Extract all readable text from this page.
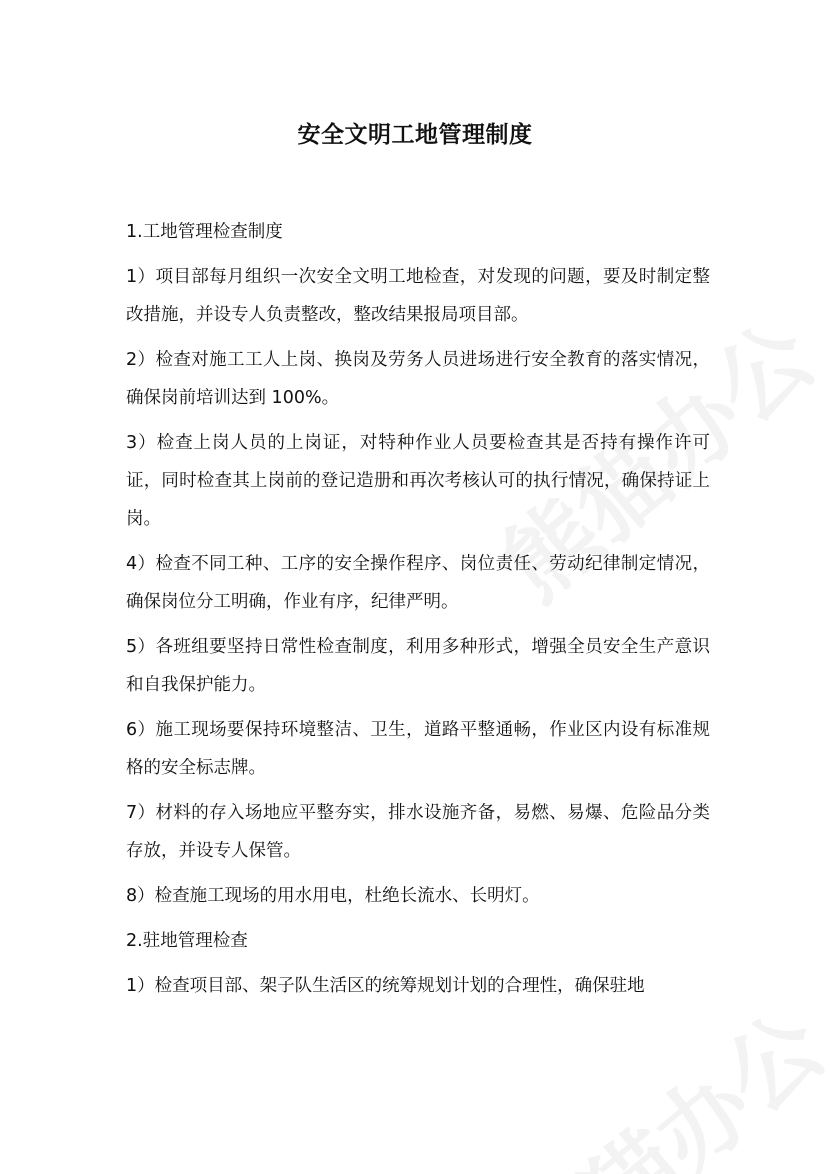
安全文明工地管理制度
1.工地管理检查制度

1）项目部每月组织一次安全文明工地检查，对发现的问题，要及时制定整改措施，并设专人负责整改，整改结果报局项目部。

2）检查对施工工人上岗、换岗及劳务人员进场进行安全教育的落实情况，确保岗前培训达到 100%。

3）检查上岗人员的上岗证，对特种作业人员要检查其是否持有操作许可证，同时检查其上岗前的登记造册和再次考核认可的执行情况，确保持证上岗。

4）检查不同工种、工序的安全操作程序、岗位责任、劳动纪律制定情况，确保岗位分工明确，作业有序，纪律严明。

5）各班组要坚持日常性检查制度，利用多种形式，增强全员安全生产意识和自我保护能力。

6）施工现场要保持环境整洁、卫生，道路平整通畅，作业区内设有标准规格的安全标志牌。

7）材料的存入场地应平整夯实，排水设施齐备，易燃、易爆、危险品分类存放，并设专人保管。

8）检查施工现场的用水用电，杜绝长流水、长明灯。

2.驻地管理检查

1）检查项目部、架子队生活区的统筹规划计划的合理性，确保驻地
